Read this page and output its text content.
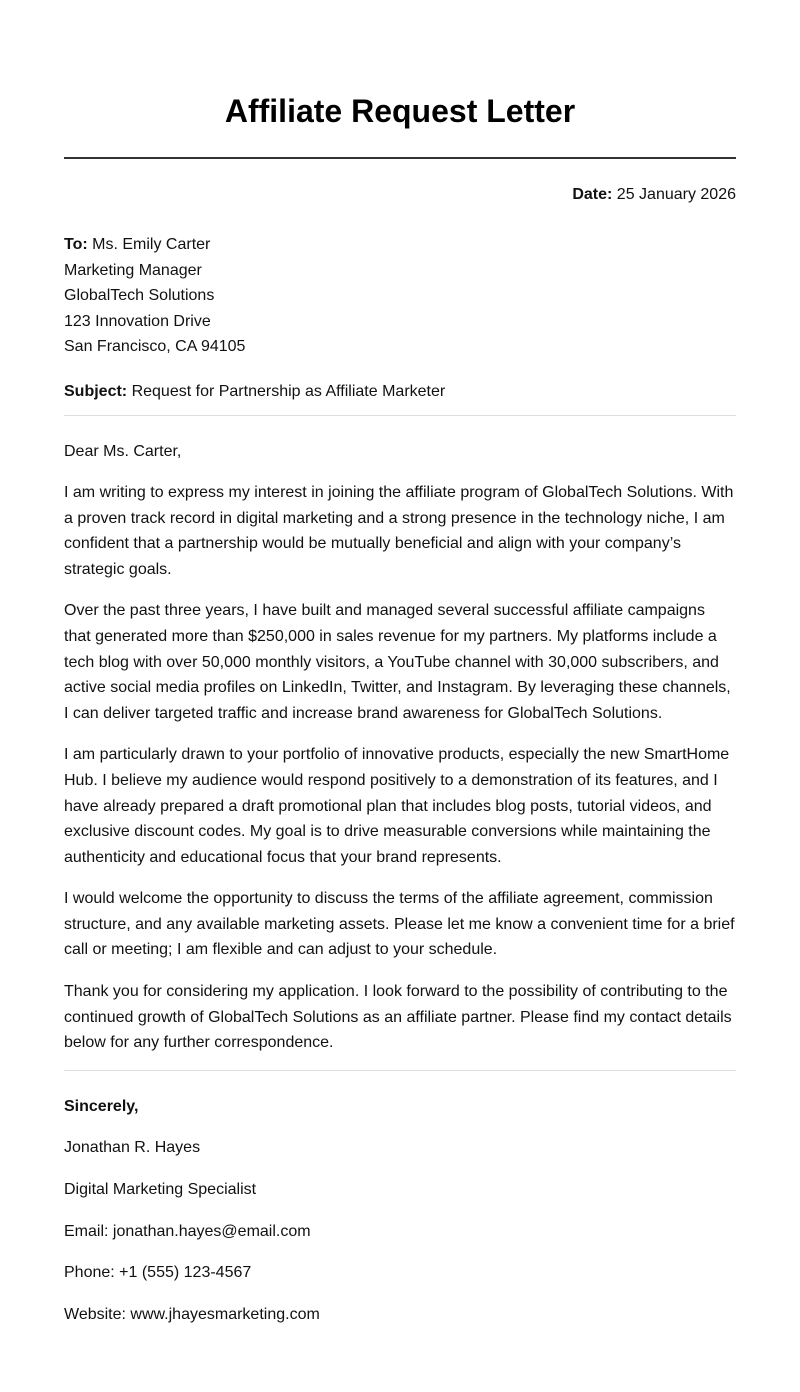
Affiliate Request Letter
Date: 25 January 2026
To: Ms. Emily Carter
Marketing Manager
GlobalTech Solutions
123 Innovation Drive
San Francisco, CA 94105
Subject: Request for Partnership as Affiliate Marketer
Dear Ms. Carter,
I am writing to express my interest in joining the affiliate program of GlobalTech Solutions. With a proven track record in digital marketing and a strong presence in the technology niche, I am confident that a partnership would be mutually beneficial and align with your company’s strategic goals.
Over the past three years, I have built and managed several successful affiliate campaigns that generated more than $250,000 in sales revenue for my partners. My platforms include a tech blog with over 50,000 monthly visitors, a YouTube channel with 30,000 subscribers, and active social media profiles on LinkedIn, Twitter, and Instagram. By leveraging these channels, I can deliver targeted traffic and increase brand awareness for GlobalTech Solutions.
I am particularly drawn to your portfolio of innovative products, especially the new SmartHome Hub. I believe my audience would respond positively to a demonstration of its features, and I have already prepared a draft promotional plan that includes blog posts, tutorial videos, and exclusive discount codes. My goal is to drive measurable conversions while maintaining the authenticity and educational focus that your brand represents.
I would welcome the opportunity to discuss the terms of the affiliate agreement, commission structure, and any available marketing assets. Please let me know a convenient time for a brief call or meeting; I am flexible and can adjust to your schedule.
Thank you for considering my application. I look forward to the possibility of contributing to the continued growth of GlobalTech Solutions as an affiliate partner. Please find my contact details below for any further correspondence.
Sincerely,
Jonathan R. Hayes
Digital Marketing Specialist
Email: jonathan.hayes@email.com
Phone: +1 (555) 123-4567
Website: www.jhayesmarketing.com
